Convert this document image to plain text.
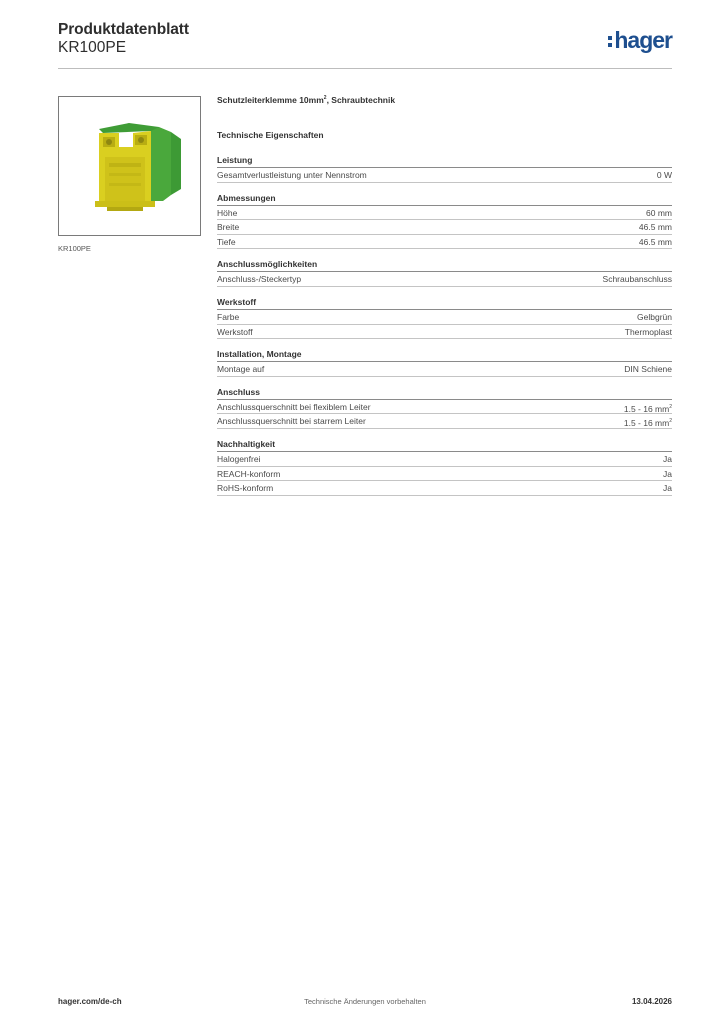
Produktdatenblatt
KR100PE	hager
KR100PE
Schutzleiterklemme $10mm^2$, Schraubtechnik
Technische Eigenschaften
Leistung
Gesamtverlustleistung unter Nennstrom	0 W
Abmessungen
Höhe	60 mm
Breite	46.5 mm
Tiefe	46.5 mm
Anschlussmöglichkeiten
Anschluss-/Steckertyp	Schraubanschluss
Werkstoff
Farbe	Gelbgrün
Werkstoff	Thermoplast
Installation, Montage
Montage auf	DIN Schiene
Anschluss
Anschlussquerschnitt bei flexiblem Leiter	1.5 - 16 $mm^2$
Anschlussquerschnitt bei starrem Leiter	1.5 - 16 $mm^2$
Nachhaltigkeit
Halogenfrei	Ja
REACH-konform	Ja
RoHS-konform	Ja
hager.com/de-ch	Technische Änderungen vorbehalten	13.04.2026
